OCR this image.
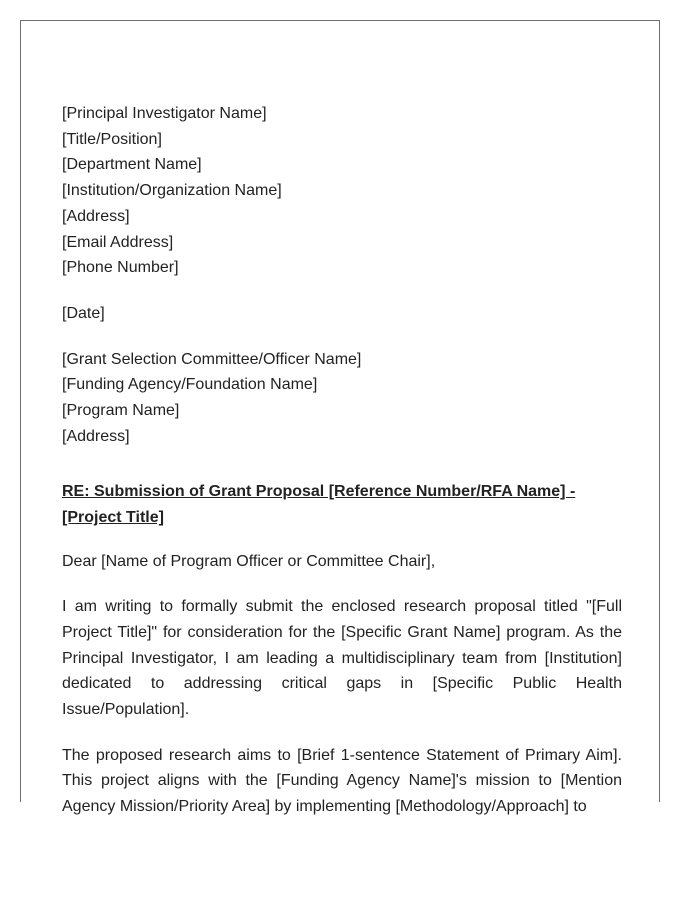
[Principal Investigator Name]
[Title/Position]
[Department Name]
[Institution/Organization Name]
[Address]
[Email Address]
[Phone Number]
[Date]
[Grant Selection Committee/Officer Name]
[Funding Agency/Foundation Name]
[Program Name]
[Address]
RE: Submission of Grant Proposal [Reference Number/RFA Name] - [Project Title]
Dear [Name of Program Officer or Committee Chair],
I am writing to formally submit the enclosed research proposal titled "[Full Project Title]" for consideration for the [Specific Grant Name] program. As the Principal Investigator, I am leading a multidisciplinary team from [Institution] dedicated to addressing critical gaps in [Specific Public Health Issue/Population].
The proposed research aims to [Brief 1-sentence Statement of Primary Aim]. This project aligns with the [Funding Agency Name]'s mission to [Mention Agency Mission/Priority Area] by implementing [Methodology/Approach] to
